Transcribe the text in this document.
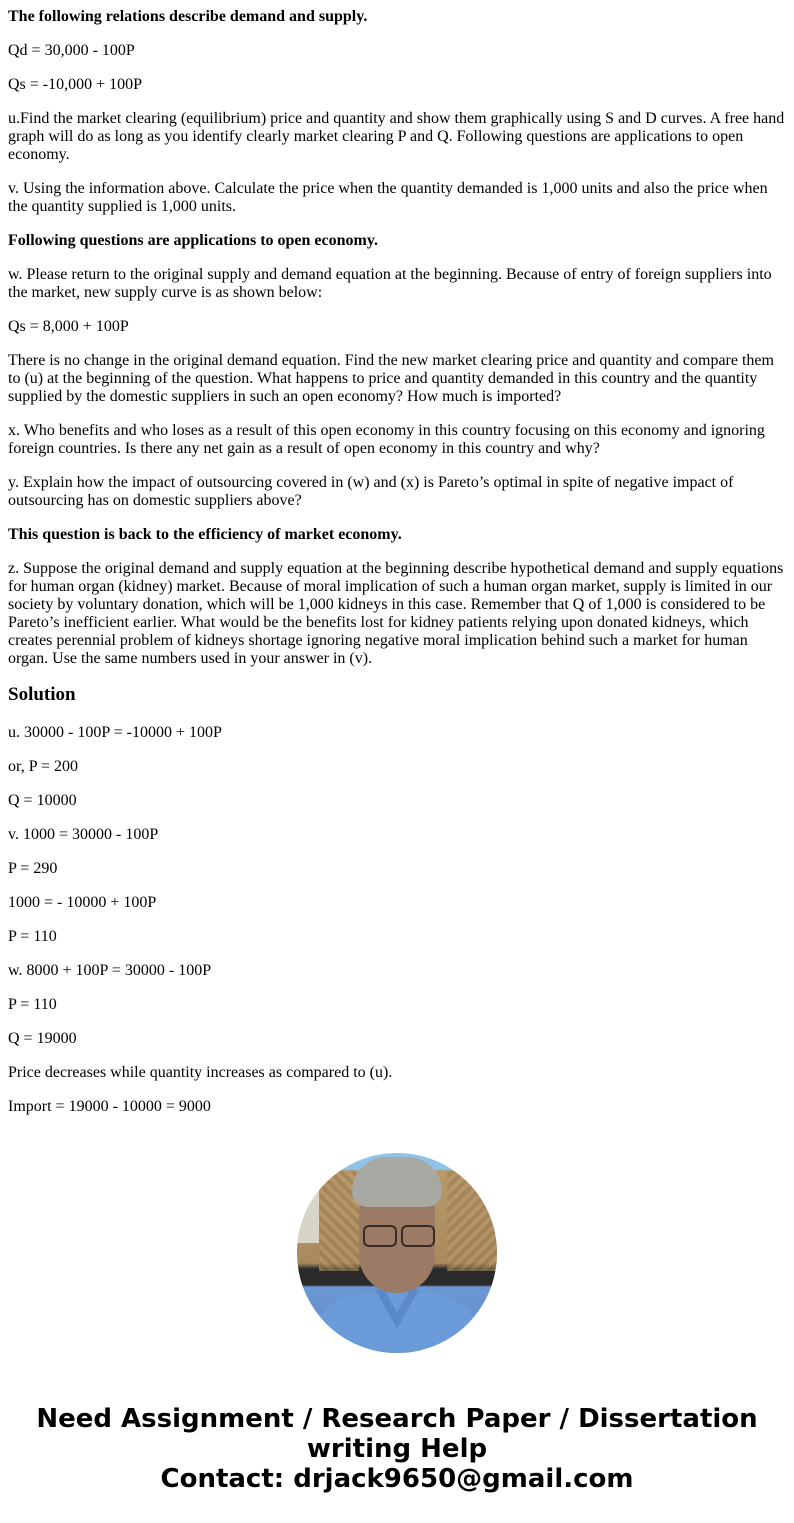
The following relations describe demand and supply.

Qd = 30,000 - 100P

Qs = -10,000 + 100P

u.Find the market clearing (equilibrium) price and quantity and show them graphically using S and D curves. A free hand graph will do as long as you identify clearly market clearing P and Q. Following questions are applications to open economy.

v. Using the information above. Calculate the price when the quantity demanded is 1,000 units and also the price when the quantity supplied is 1,000 units.

Following questions are applications to open economy.

w. Please return to the original supply and demand equation at the beginning. Because of entry of foreign suppliers into the market, new supply curve is as shown below:

Qs = 8,000 + 100P

There is no change in the original demand equation. Find the new market clearing price and quantity and compare them to (u) at the beginning of the question. What happens to price and quantity demanded in this country and the quantity supplied by the domestic suppliers in such an open economy? How much is imported?

x. Who benefits and who loses as a result of this open economy in this country focusing on this economy and ignoring foreign countries. Is there any net gain as a result of open economy in this country and why?

y. Explain how the impact of outsourcing covered in (w) and (x) is Pareto’s optimal in spite of negative impact of outsourcing has on domestic suppliers above?

This question is back to the efficiency of market economy.

z. Suppose the original demand and supply equation at the beginning describe hypothetical demand and supply equations for human organ (kidney) market. Because of moral implication of such a human organ market, supply is limited in our society by voluntary donation, which will be 1,000 kidneys in this case. Remember that Q of 1,000 is considered to be Pareto’s inefficient earlier. What would be the benefits lost for kidney patients relying upon donated kidneys, which creates perennial problem of kidneys shortage ignoring negative moral implication behind such a market for human organ. Use the same numbers used in your answer in (v).

Solution

u. 30000 - 100P = -10000 + 100P

or, P = 200

Q = 10000

v. 1000 = 30000 - 100P

P = 290

1000 = - 10000 + 100P

P = 110

w. 8000 + 100P = 30000 - 100P

P = 110

Q = 19000

Price decreases while quantity increases as compared to (u).

Import = 19000 - 10000 = 9000

Need Assignment / Research Paper / Dissertation
writing Help
Contact: drjack9650@gmail.com
